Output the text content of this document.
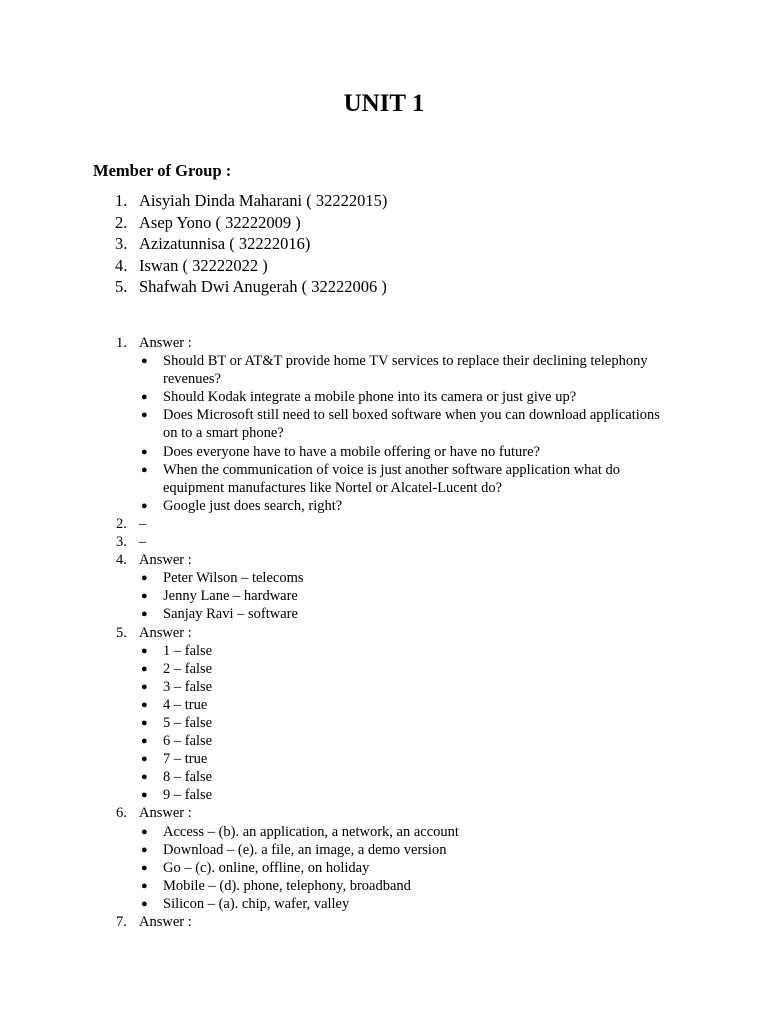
UNIT 1
Member of Group :
1. Aisyiah Dinda Maharani ( 32222015)
2. Asep Yono ( 32222009 )
3. Azizatunnisa ( 32222016)
4. Iswan ( 32222022 )
5. Shafwah Dwi Anugerah ( 32222006 )
1. Answer :
● Should BT or AT&T provide home TV services to replace their declining telephony revenues?
● Should Kodak integrate a mobile phone into its camera or just give up?
● Does Microsoft still need to sell boxed software when you can download applications on to a smart phone?
● Does everyone have to have a mobile offering or have no future?
● When the communication of voice is just another software application what do equipment manufactures like Nortel or Alcatel-Lucent do?
● Google just does search, right?
2. –
3. –
4. Answer :
● Peter Wilson – telecoms
● Jenny Lane – hardware
● Sanjay Ravi – software
5. Answer :
● 1 – false
● 2 – false
● 3 – false
● 4 – true
● 5 – false
● 6 – false
● 7 – true
● 8 – false
● 9 – false
6. Answer :
● Access – (b). an application, a network, an account
● Download – (e). a file, an image, a demo version
● Go – (c). online, offline, on holiday
● Mobile – (d). phone, telephony, broadband
● Silicon – (a). chip, wafer, valley
7. Answer :
